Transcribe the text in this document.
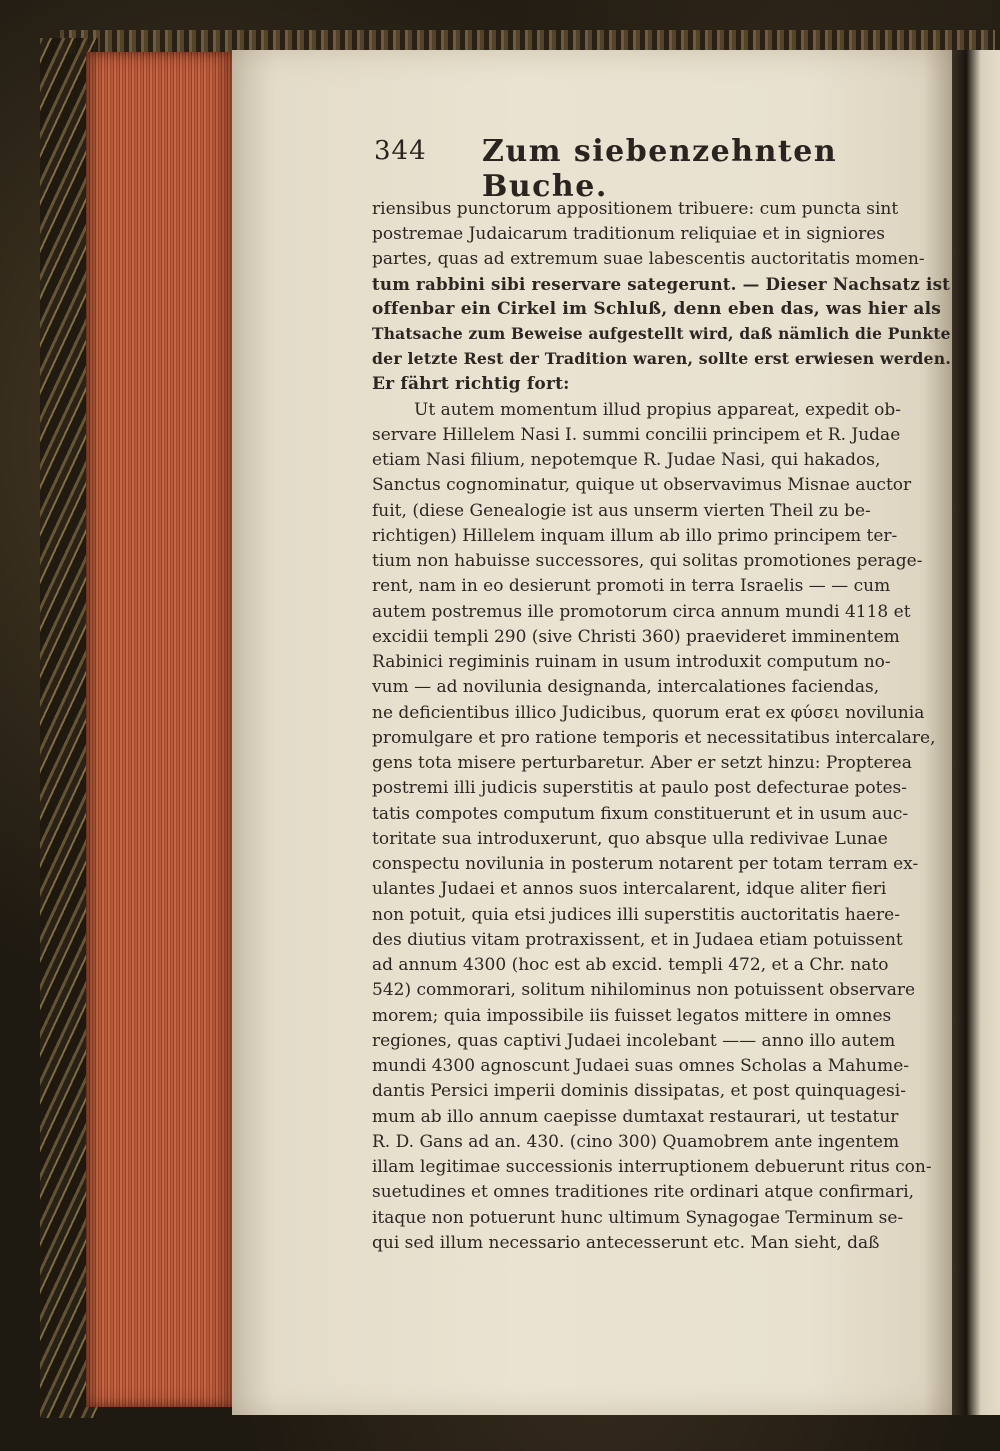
344 Zum siebenzehnten Buche.
riensibus punctorum appositionem tribuere: cum puncta sint
postremae Judaicarum traditionum reliquiae et in signiores
partes, quas ad extremum suae labescentis auctoritatis momen-
tum rabbini sibi reservare sategerunt. — Dieser Nachsatz ist
offenbar ein Cirkel im Schluß, denn eben das, was hier als
Thatsache zum Beweise aufgestellt wird, daß nämlich die Punkte
der letzte Rest der Tradition waren, sollte erst erwiesen werden.
Er fährt richtig fort:
Ut autem momentum illud propius appareat, expedit ob-
servare Hillelem Nasi I. summi concilii principem et R. Judae
etiam Nasi filium, nepotemque R. Judae Nasi, qui hakados,
Sanctus cognominatur, quique ut observavimus Misnae auctor
fuit, (diese Genealogie ist aus unserm vierten Theil zu be-
richtigen) Hillelem inquam illum ab illo primo principem ter-
tium non habuisse successores, qui solitas promotiones perage-
rent, nam in eo desierunt promoti in terra Israelis — — cum
autem postremus ille promotorum circa annum mundi 4118 et
excidii templi 290 (sive Christi 360) praevideret imminentem
Rabinici regiminis ruinam in usum introduxit computum no-
vum — ad novilunia designanda, intercalationes faciendas,
ne deficientibus illico Judicibus, quorum erat ex φύσει novilunia
promulgare et pro ratione temporis et necessitatibus intercalare,
gens tota misere perturbaretur. Aber er setzt hinzu: Propterea
postremi illi judicis superstitis at paulo post defecturae potes-
tatis compotes computum fixum constituerunt et in usum auc-
toritate sua introduxerunt, quo absque ulla redivivae Lunae
conspectu novilunia in posterum notarent per totam terram ex-
ulantes Judaei et annos suos intercalarent, idque aliter fieri
non potuit, quia etsi judices illi superstitis auctoritatis haere-
des diutius vitam protraxissent, et in Judaea etiam potuissent
ad annum 4300 (hoc est ab excid. templi 472, et a Chr. nato
542) commorari, solitum nihilominus non potuissent observare
morem; quia impossibile iis fuisset legatos mittere in omnes
regiones, quas captivi Judaei incolebant —— anno illo autem
mundi 4300 agnoscunt Judaei suas omnes Scholas a Mahume-
dantis Persici imperii dominis dissipatas, et post quinquagesi-
mum ab illo annum caepisse dumtaxat restaurari, ut testatur
R. D. Gans ad an. 430. (cino 300) Quamobrem ante ingentem
illam legitimae successionis interruptionem debuerunt ritus con-
suetudines et omnes traditiones rite ordinari atque confirmari,
itaque non potuerunt hunc ultimum Synagogae Terminum se-
qui sed illum necessario antecesserunt etc. Man sieht, daß
